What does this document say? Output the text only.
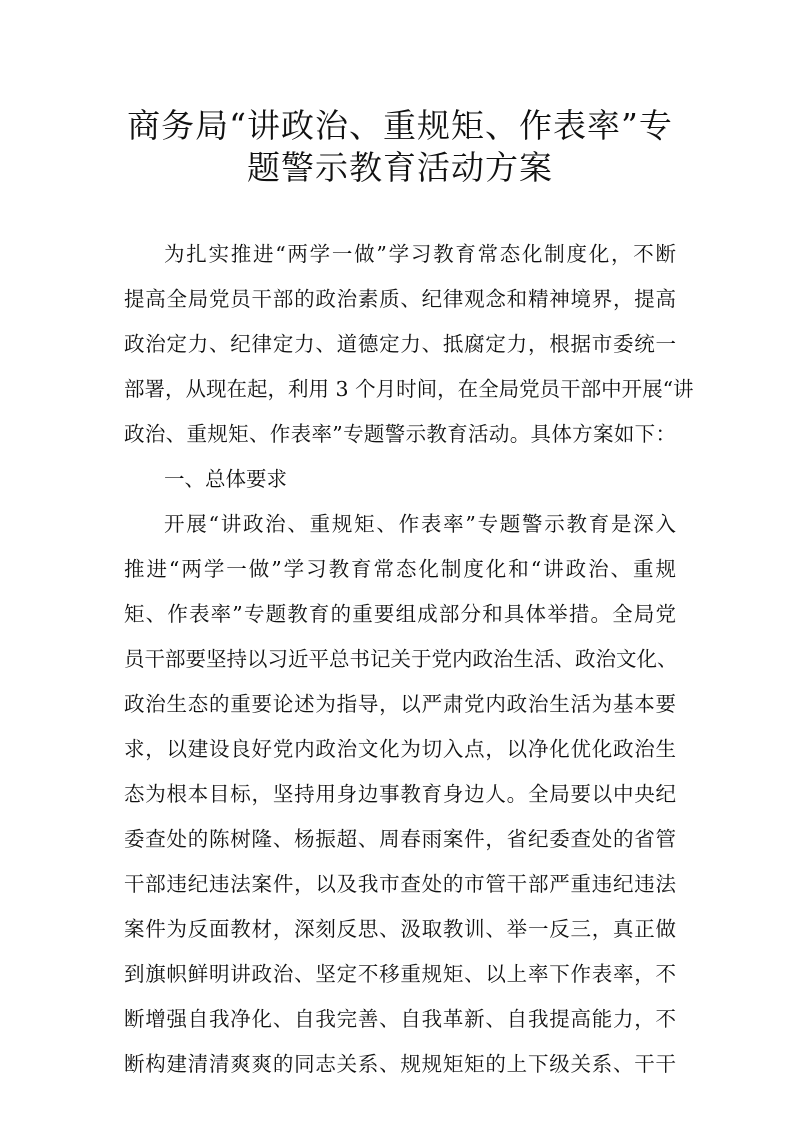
商务局“讲政治、重规矩、作表率”专
题警示教育活动方案
为扎实推进“两学一做”学习教育常态化制度化，不断
提高全局党员干部的政治素质、纪律观念和精神境界，提高
政治定力、纪律定力、道德定力、抵腐定力，根据市委统一
部署，从现在起，利用 3 个月时间，在全局党员干部中开展“讲
政治、重规矩、作表率”专题警示教育活动。具体方案如下：
一、总体要求
开展“讲政治、重规矩、作表率”专题警示教育是深入
推进“两学一做”学习教育常态化制度化和“讲政治、重规
矩、作表率”专题教育的重要组成部分和具体举措。全局党
员干部要坚持以习近平总书记关于党内政治生活、政治文化、
政治生态的重要论述为指导，以严肃党内政治生活为基本要
求，以建设良好党内政治文化为切入点，以净化优化政治生
态为根本目标，坚持用身边事教育身边人。全局要以中央纪
委查处的陈树隆、杨振超、周春雨案件，省纪委查处的省管
干部违纪违法案件，以及我市查处的市管干部严重违纪违法
案件为反面教材，深刻反思、汲取教训、举一反三，真正做
到旗帜鲜明讲政治、坚定不移重规矩、以上率下作表率，不
断增强自我净化、自我完善、自我革新、自我提高能力，不
断构建清清爽爽的同志关系、规规矩矩的上下级关系、干干
